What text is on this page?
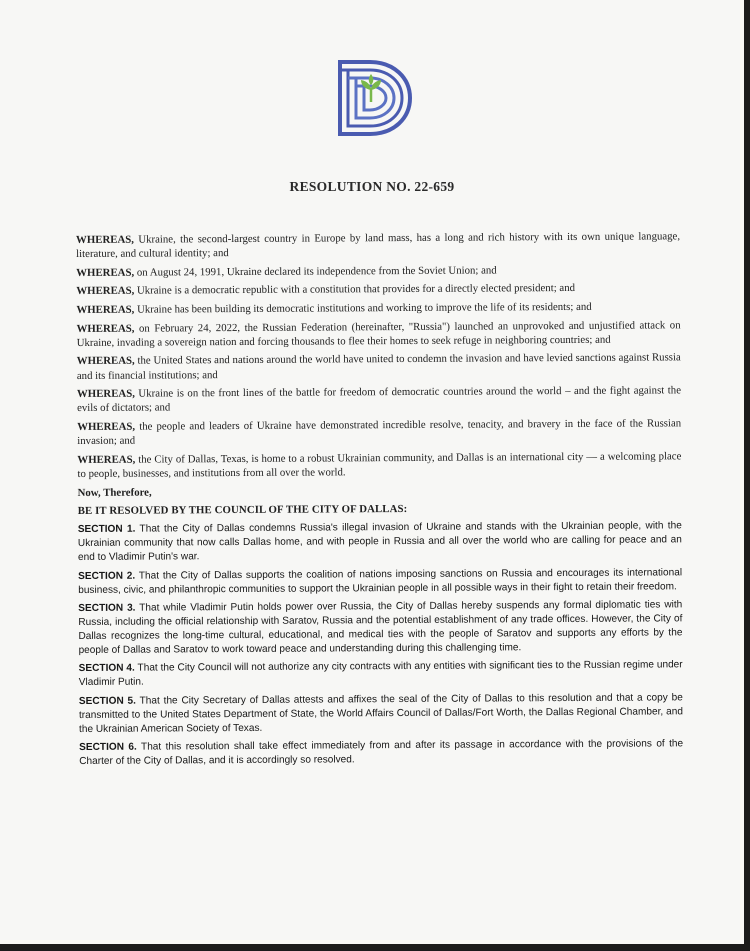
RESOLUTION NO. 22-659

WHEREAS, Ukraine, the second-largest country in Europe by land mass, has a long and rich history with its own unique language, literature, and cultural identity; and

WHEREAS, on August 24, 1991, Ukraine declared its independence from the Soviet Union; and

WHEREAS, Ukraine is a democratic republic with a constitution that provides for a directly elected president; and

WHEREAS, Ukraine has been building its democratic institutions and working to improve the life of its residents; and

WHEREAS, on February 24, 2022, the Russian Federation (hereinafter, "Russia") launched an unprovoked and unjustified attack on Ukraine, invading a sovereign nation and forcing thousands to flee their homes to seek refuge in neighboring countries; and

WHEREAS, the United States and nations around the world have united to condemn the invasion and have levied sanctions against Russia and its financial institutions; and

WHEREAS, Ukraine is on the front lines of the battle for freedom of democratic countries around the world – and the fight against the evils of dictators; and

WHEREAS, the people and leaders of Ukraine have demonstrated incredible resolve, tenacity, and bravery in the face of the Russian invasion; and

WHEREAS, the City of Dallas, Texas, is home to a robust Ukrainian community, and Dallas is an international city — a welcoming place to people, businesses, and institutions from all over the world.

Now, Therefore,

BE IT RESOLVED BY THE COUNCIL OF THE CITY OF DALLAS:

SECTION 1. That the City of Dallas condemns Russia's illegal invasion of Ukraine and stands with the Ukrainian people, with the Ukrainian community that now calls Dallas home, and with people in Russia and all over the world who are calling for peace and an end to Vladimir Putin's war.

SECTION 2. That the City of Dallas supports the coalition of nations imposing sanctions on Russia and encourages its international business, civic, and philanthropic communities to support the Ukrainian people in all possible ways in their fight to retain their freedom.

SECTION 3. That while Vladimir Putin holds power over Russia, the City of Dallas hereby suspends any formal diplomatic ties with Russia, including the official relationship with Saratov, Russia and the potential establishment of any trade offices. However, the City of Dallas recognizes the long-time cultural, educational, and medical ties with the people of Saratov and supports any efforts by the people of Dallas and Saratov to work toward peace and understanding during this challenging time.

SECTION 4. That the City Council will not authorize any city contracts with any entities with significant ties to the Russian regime under Vladimir Putin.

SECTION 5. That the City Secretary of Dallas attests and affixes the seal of the City of Dallas to this resolution and that a copy be transmitted to the United States Department of State, the World Affairs Council of Dallas/Fort Worth, the Dallas Regional Chamber, and the Ukrainian American Society of Texas.

SECTION 6. That this resolution shall take effect immediately from and after its passage in accordance with the provisions of the Charter of the City of Dallas, and it is accordingly so resolved.
